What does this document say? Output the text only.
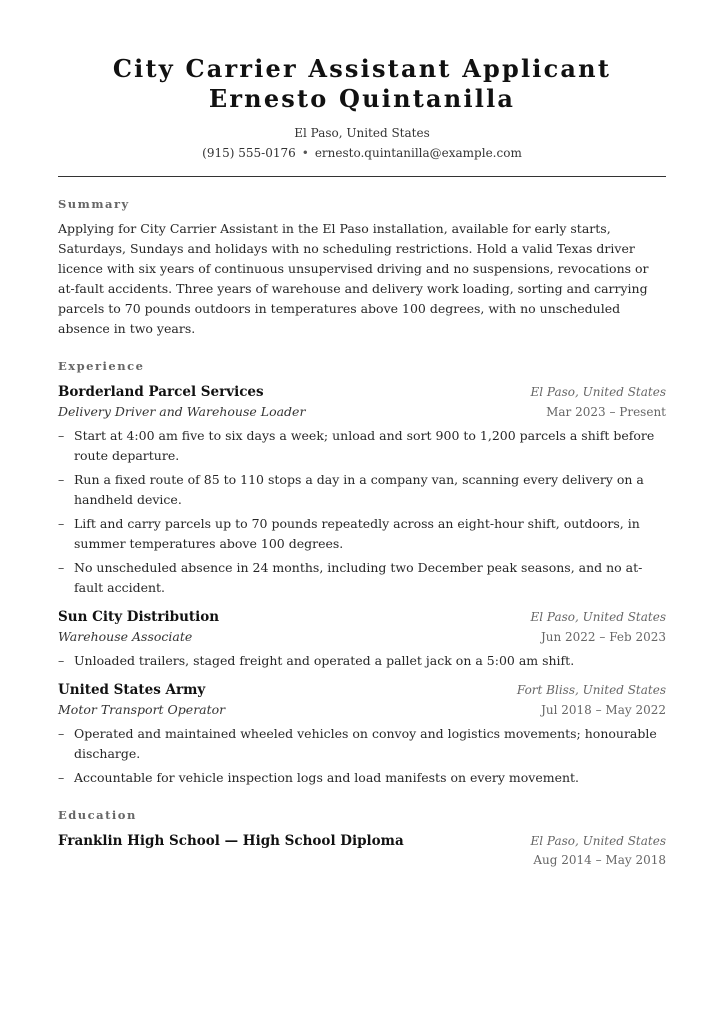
City Carrier Assistant Applicant
Ernesto Quintanilla
El Paso, United States
(915) 555-0176 • ernesto.quintanilla@example.com
Summary
Applying for City Carrier Assistant in the El Paso installation, available for early starts, Saturdays, Sundays and holidays with no scheduling restrictions. Hold a valid Texas driver licence with six years of continuous unsupervised driving and no suspensions, revocations or at-fault accidents. Three years of warehouse and delivery work loading, sorting and carrying parcels to 70 pounds outdoors in temperatures above 100 degrees, with no unscheduled absence in two years.
Experience
Borderland Parcel Services	El Paso, United States
Delivery Driver and Warehouse Loader	Mar 2023 – Present
– Start at 4:00 am five to six days a week; unload and sort 900 to 1,200 parcels a shift before route departure.
– Run a fixed route of 85 to 110 stops a day in a company van, scanning every delivery on a handheld device.
– Lift and carry parcels up to 70 pounds repeatedly across an eight-hour shift, outdoors, in summer temperatures above 100 degrees.
– No unscheduled absence in 24 months, including two December peak seasons, and no at-fault accident.
Sun City Distribution	El Paso, United States
Warehouse Associate	Jun 2022 – Feb 2023
– Unloaded trailers, staged freight and operated a pallet jack on a 5:00 am shift.
United States Army	Fort Bliss, United States
Motor Transport Operator	Jul 2018 – May 2022
– Operated and maintained wheeled vehicles on convoy and logistics movements; honourable discharge.
– Accountable for vehicle inspection logs and load manifests on every movement.
Education
Franklin High School — High School Diploma	El Paso, United States
Aug 2014 – May 2018
